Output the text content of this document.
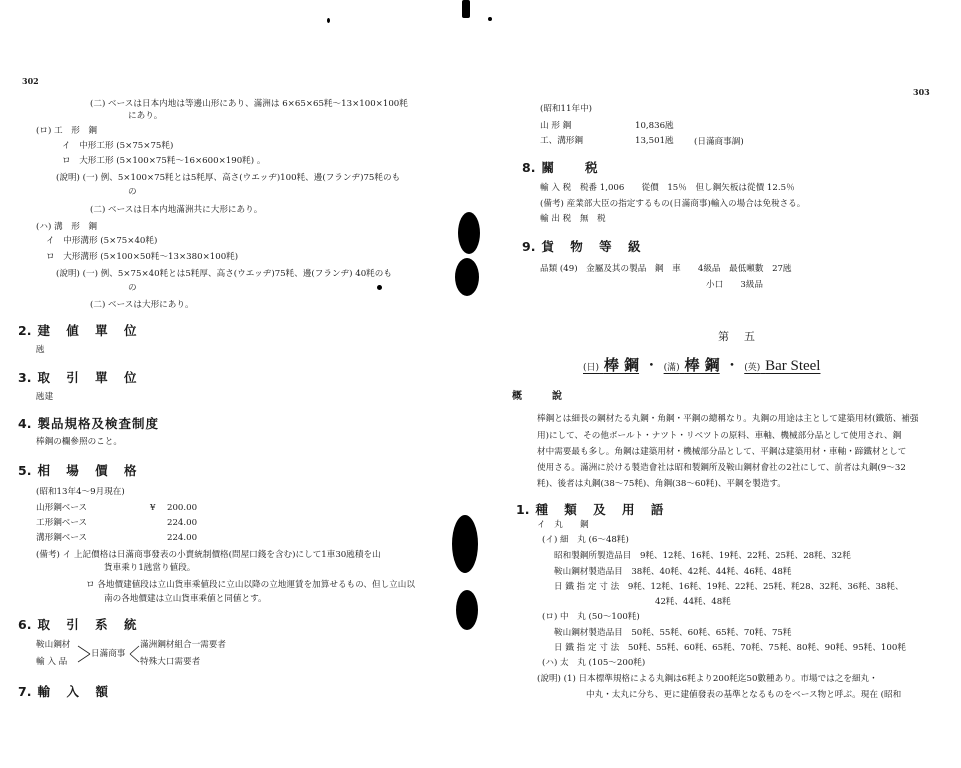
302
(二) ベースは日本内地は等邊山形にあり、滿洲は 6×65×65粍〜13×100×100粍
にあり。
(ロ) 工　形　鋼
イ　中形工形 (5×75×75粍)
ロ　大形工形 (5×100×75粍〜16×600×190粍) 。
(說明) (一) 例、5×100×75粍とは5粍厚、高さ(ウエッヂ)100粍、邊(フランヂ)75粍のも
の
(二) ベースは日本内地滿洲共に大形にあり。
(ハ) 溝　形　鋼
イ　中形溝形 (5×75×40粍)
ロ　大形溝形 (5×100×50粍〜13×380×100粍)
(說明) (一) 例、5×75×40粍とは5粍厚、高さ(ウエッヂ)75粍、邊(フランヂ) 40粍のも
の
(二) ベースは大形にあり。
2. 建 値 單 位
瓲
3. 取 引 單 位
瓲建
4. 製品規格及検査制度
棒鋼の欄參照のこと。
5. 相 場 價 格
(昭和13年4〜9月現在)
山形鋼ベース	¥ 200.00
工形鋼ベース	224.00
溝形鋼ベース	224.00
(備考) イ 上記價格は日滿商事發表の小賣統制價格(問屋口錢を含む)にして1車30瓲積を山
貨車乘り1瓲當り値段。
ロ 各地價建値段は立山貨車乘値段に立山以降の立地運賃を加算せるもの、但し立山以
南の各地價建は立山貨車乘値と同値とす。
6. 取 引 系 統
鞍山鋼材
輸 入 品
日滿商事
滿洲鋼材組合一需要者
特殊大口需要者
7. 輸　入　額
303
(昭和11年中)
山 形 鋼	10,836瓲
工、溝形鋼	13,501瓲 (日滿商事調)
8. 關　　税
輸 入 税　税番 1,006　　從價　15％　但し鋼矢板は從價 12.5％
(備考) 産業部大臣の指定するもの(日滿商事)輸入の場合は免稅さる。
輸 出 税　無　税
9. 貨 物 等 級
品類 (49)　金屬及其の製品　鋼　車　　4級品　最低噸數　27瓲
小口　　3級品
第　五
(日) 棒 鋼 ・ (滿) 棒 鋼 ・ (英) Bar Steel
概　　　說
棒鋼とは細長の鋼材たる丸鋼・角鋼・平鋼の總稱なり。丸鋼の用途は主として建築用材(鐵筋、補强
用)にして、その他ボールト・ナツト・リベツトの原料、車軸、機械部分品として使用され、鋼
材中需要最も多し。角鋼は建築用材・機械部分品として、平鋼は建築用材・車軸・蹄鐵材として
使用さる。滿洲に於ける製造會社は昭和製鋼所及鞍山鋼材會社の2社にして、前者は丸鋼(9〜32
粍)、後者は丸鋼(38〜75粍)、角鋼(38〜60粍)、平鋼を製造す。
1. 種 類 及 用 語
イ　丸　　鋼
(イ) 細　丸 (6〜48粍)
昭和製鋼所製造品目　9粍、12粍、16粍、19粍、22粍、25粍、28粍、32粍
鞍山鋼材製造品目　38粍、40粍、42粍、44粍、46粍、48粍
日 鐵 指 定 寸 法　9粍、12粍、16粍、19粍、22粍、25粍、粍28、32粍、36粍、38粍、
42粍、44粍、48粍
(ロ) 中　丸 (50〜100粍)
鞍山鋼材製造品目　50粍、55粍、60粍、65粍、70粍、75粍
日 鐵 指 定 寸 法　50粍、55粍、60粍、65粍、70粍、75粍、80粍、90粍、95粍、100粍
(ハ) 太　丸 (105〜200粍)
(說明) (1) 日本標準規格による丸鋼は6粍より200粍迄50數種あり。市場では之を細丸・
中丸・太丸に分ち、更に建値發表の基準となるものをベース物と呼ぶ。現在 (昭和
